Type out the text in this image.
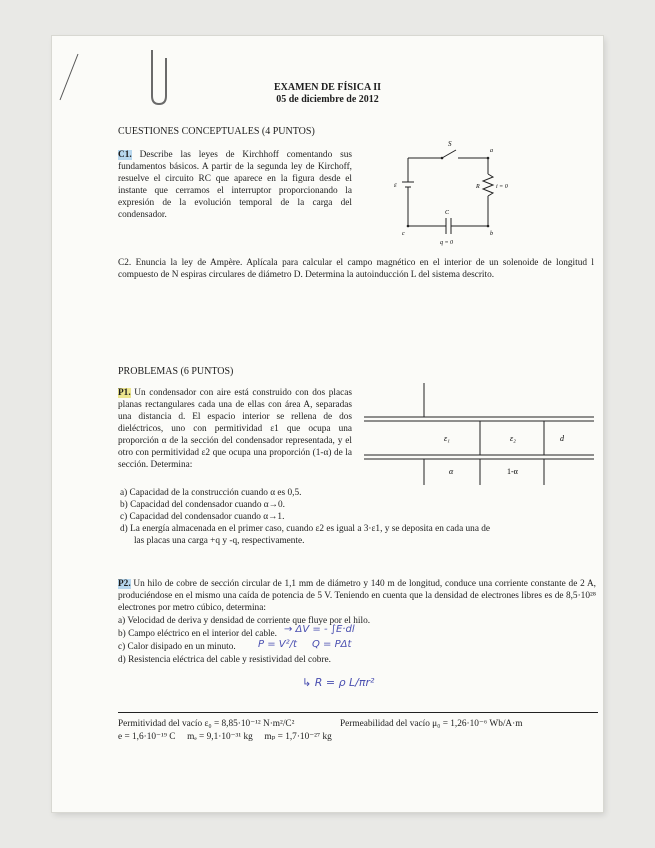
EXAMEN DE FÍSICA II
05 de diciembre de 2012
CUESTIONES CONCEPTUALES (4 PUNTOS)
C1. Describe las leyes de Kirchhoff comentando sus fundamentos básicos. A partir de la segunda ley de Kirchoff, resuelve el circuito RC que aparece en la figura desde el instante que cerramos el interruptor proporcionando la expresión de la evolución temporal de la carga del condensador.
S
a
b
c
ε	R	i = 0
C
q = 0
C2. Enuncia la ley de Ampère. Aplícala para calcular el campo magnético en el interior de un solenoide de longitud l compuesto de N espiras circulares de diámetro D. Determina la autoinducción L del sistema descrito.
PROBLEMAS (6 PUNTOS)
P1. Un condensador con aire está construido con dos placas planas rectangulares cada una de ellas con área A, separadas una distancia d. El espacio interior se rellena de dos dieléctricos, uno con permitividad ε1 que ocupa una proporción α de la sección del condensador representada, y el otro con permitividad ε2 que ocupa una proporción (1-α) de la sección. Determina:
ε₁	ε₂	d
α	1-α
a) Capacidad de la construcción cuando α es 0,5.
b) Capacidad del condensador cuando α→0.
c) Capacidad del condensador cuando α→1.
d) La energía almacenada en el primer caso, cuando ε2 es igual a 3·ε1, y se deposita en cada una de
las placas una carga +q y -q, respectivamente.
P2. Un hilo de cobre de sección circular de 1,1 mm de diámetro y 140 m de longitud, conduce una corriente constante de 2 A, produciéndose en el mismo una caída de potencia de 5 V. Teniendo en cuenta que la densidad de electrones libres es de 8,5·10²⁸ electrones por metro cúbico, determina:
a) Velocidad de deriva y densidad de corriente que fluye por el hilo.
b) Campo eléctrico en el interior del cable.
c) Calor disipado en un minuto.
d) Resistencia eléctrica del cable y resistividad del cobre.
→ ΔV = - ∫E·dl
P = V²/t Q = PΔt
↳ R = ρ L/πr²
Permitividad del vacío ε₀ = 8,85·10⁻¹² N·m²/C²	Permeabilidad del vacío μ₀ = 1,26·10⁻⁶ Wb/A·m
e = 1,6·10⁻¹⁹ C     mₑ = 9,1·10⁻³¹ kg     mₚ = 1,7·10⁻²⁷ kg
